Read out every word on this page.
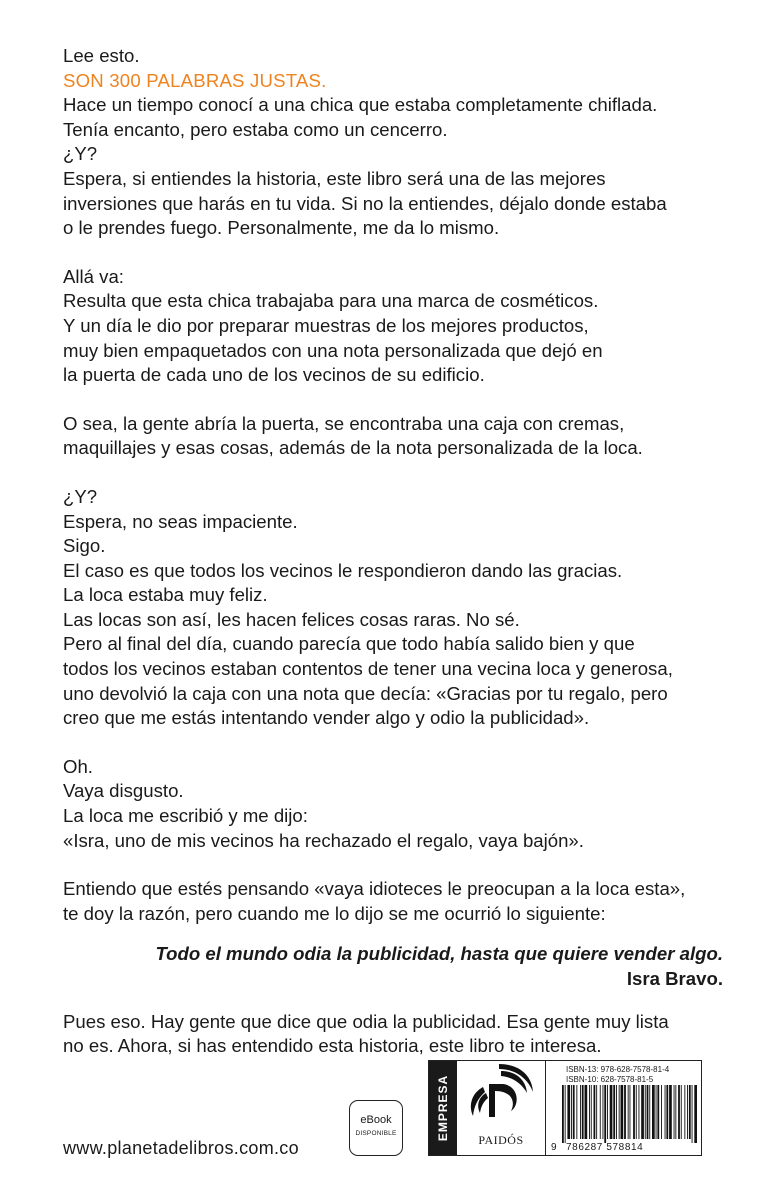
Lee esto.

SON 300 PALABRAS JUSTAS.

Hace un tiempo conocí a una chica que estaba completamente chiflada.

Tenía encanto, pero estaba como un cencerro.

¿Y?

Espera, si entiendes la historia, este libro será una de las mejores

inversiones que harás en tu vida. Si no la entiendes, déjalo donde estaba

o le prendes fuego. Personalmente, me da lo mismo.

Allá va:

Resulta que esta chica trabajaba para una marca de cosméticos.

Y un día le dio por preparar muestras de los mejores productos,

muy bien empaquetados con una nota personalizada que dejó en

la puerta de cada uno de los vecinos de su edificio.

O sea, la gente abría la puerta, se encontraba una caja con cremas,

maquillajes y esas cosas, además de la nota personalizada de la loca.

¿Y?

Espera, no seas impaciente.

Sigo.

El caso es que todos los vecinos le respondieron dando las gracias.

La loca estaba muy feliz.

Las locas son así, les hacen felices cosas raras. No sé.

Pero al final del día, cuando parecía que todo había salido bien y que

todos los vecinos estaban contentos de tener una vecina loca y generosa,

uno devolvió la caja con una nota que decía: «Gracias por tu regalo, pero

creo que me estás intentando vender algo y odio la publicidad».

Oh.

Vaya disgusto.

La loca me escribió y me dijo:

«Isra, uno de mis vecinos ha rechazado el regalo, vaya bajón».

Entiendo que estés pensando «vaya idioteces le preocupan a la loca esta»,

te doy la razón, pero cuando me lo dijo se me ocurrió lo siguiente:

Todo el mundo odia la publicidad, hasta que quiere vender algo.

Isra Bravo.

Pues eso. Hay gente que dice que odia la publicidad. Esa gente muy lista

no es. Ahora, si has entendido esta historia, este libro te interesa.

www.planetadelibros.com.co
eBook
DISPONIBLE	EMPRESA	PAIDÓS
ISBN-13: 978-628-7578-81-4
ISBN-10: 628-7578-81-5
9 786287 578814
